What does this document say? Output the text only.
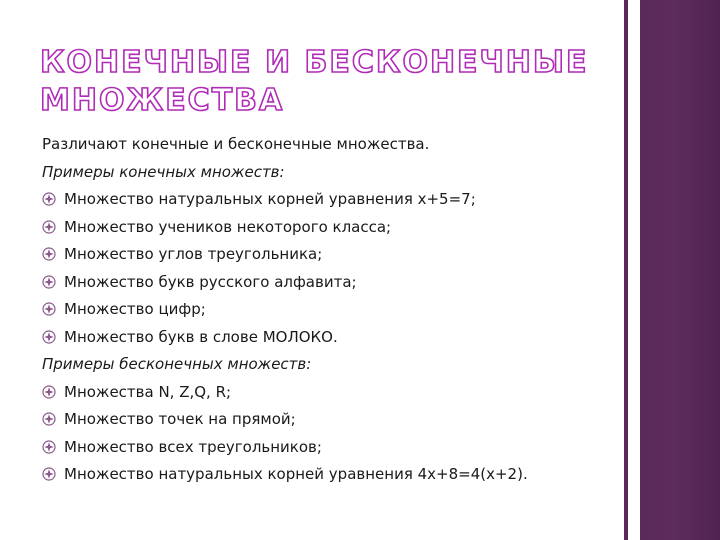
КОНЕЧНЫЕ И БЕСКОНЕЧНЫЕ
МНОЖЕСТВА

Различают конечные и бесконечные множества.

Примеры конечных множеств:

Множество натуральных корней уравнения х+5=7;
Множество учеников некоторого класса;
Множество углов треугольника;
Множество букв русского алфавита;
Множество цифр;
Множество букв в слове МОЛОКО.

Примеры бесконечных множеств:

Множества N, Z,Q, R;
Множество точек на прямой;
Множество всех треугольников;
Множество натуральных корней уравнения 4х+8=4(х+2).
